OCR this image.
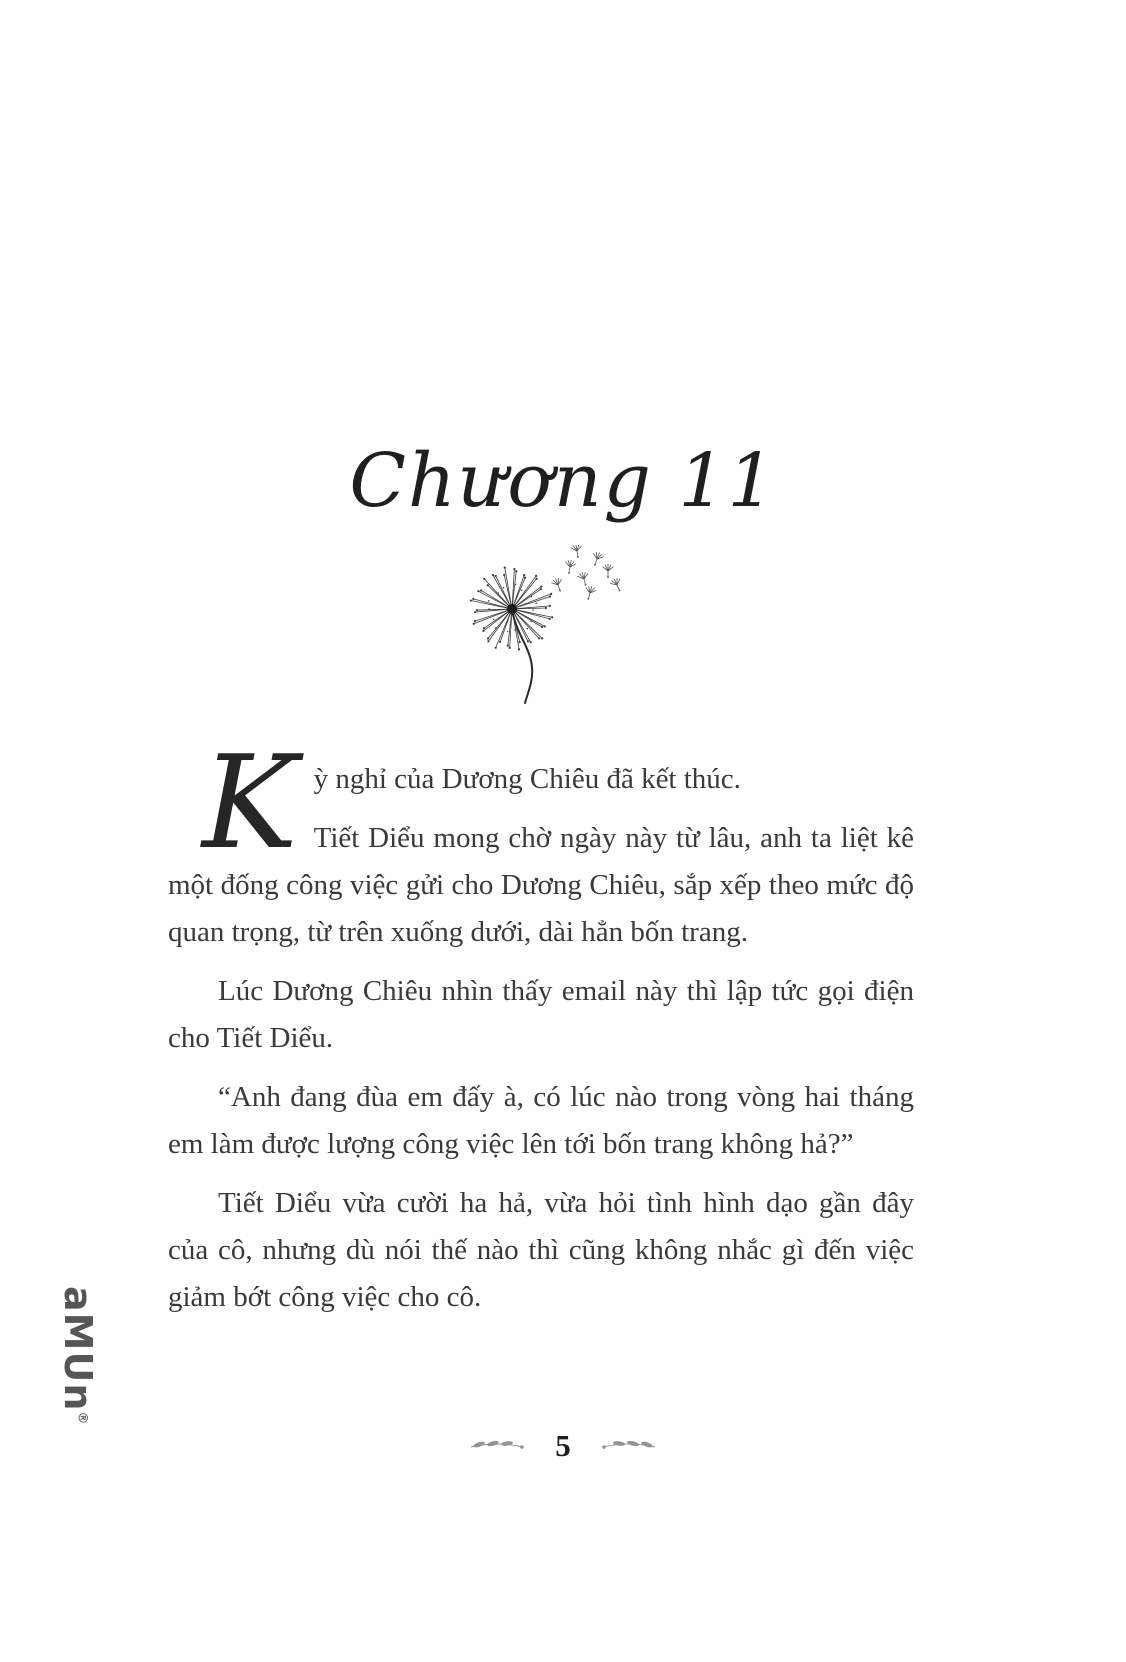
Chương 11
K ỳ nghỉ của Dương Chiêu đã kết thúc.

Tiết Diểu mong chờ ngày này từ lâu, anh ta liệt kê một đống công việc gửi cho Dương Chiêu, sắp xếp theo mức độ quan trọng, từ trên xuống dưới, dài hẳn bốn trang.

Lúc Dương Chiêu nhìn thấy email này thì lập tức gọi điện cho Tiết Diểu.

“Anh đang đùa em đấy à, có lúc nào trong vòng hai tháng em làm được lượng công việc lên tới bốn trang không hả?”

Tiết Diểu vừa cười ha hả, vừa hỏi tình hình dạo gần đây của cô, nhưng dù nói thế nào thì cũng không nhắc gì đến việc giảm bớt công việc cho cô.

5
aMUn®
